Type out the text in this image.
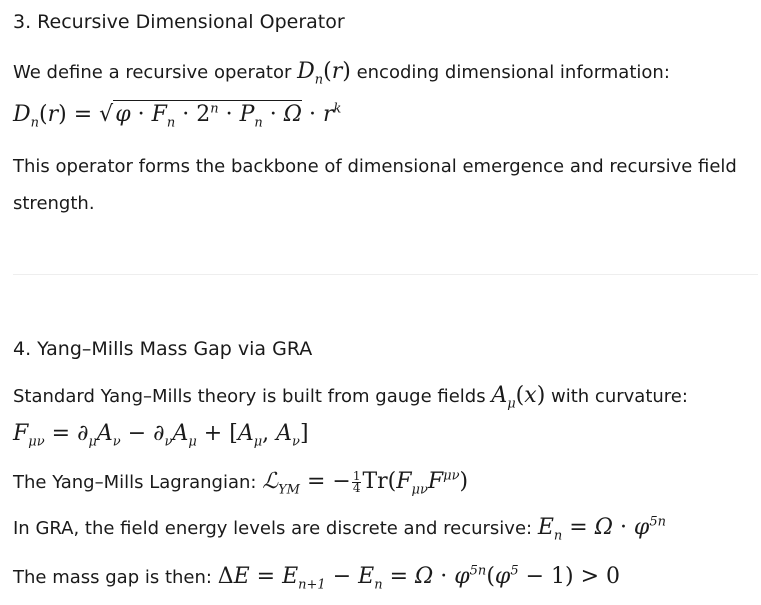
3. Recursive Dimensional Operator
We define a recursive operator $D_n(r)$ encoding dimensional information:
$D_n(r) = √\varphi \cdot F_n \cdot 2^n \cdot P_n \cdot \Omega \cdot r^k$
This operator forms the backbone of dimensional emergence and recursive field strength.
4. Yang–Mills Mass Gap via GRA
Standard Yang–Mills theory is built from gauge fields $A_\mu(x)$ with curvature:
$F_{\mu\nu} = \partial_\mu A_\nu - \partial_\nu A_\mu + [A_\mu$, $A_\nu$]
The Yang–Mills Lagrangian: ℒ$_{YM}$ = − $\frac{1}{4} Tr(F_{\mu\nu}F^{\mu\nu})$
In GRA, the field energy levels are discrete and recursive: $E_n = \Omega \cdot \varphi^{5n}$
The mass gap is then: $\Delta E = E_{n+1} - E_n = \Omega \cdot \varphi^{5n}(\varphi^5 - 1) > 0$
